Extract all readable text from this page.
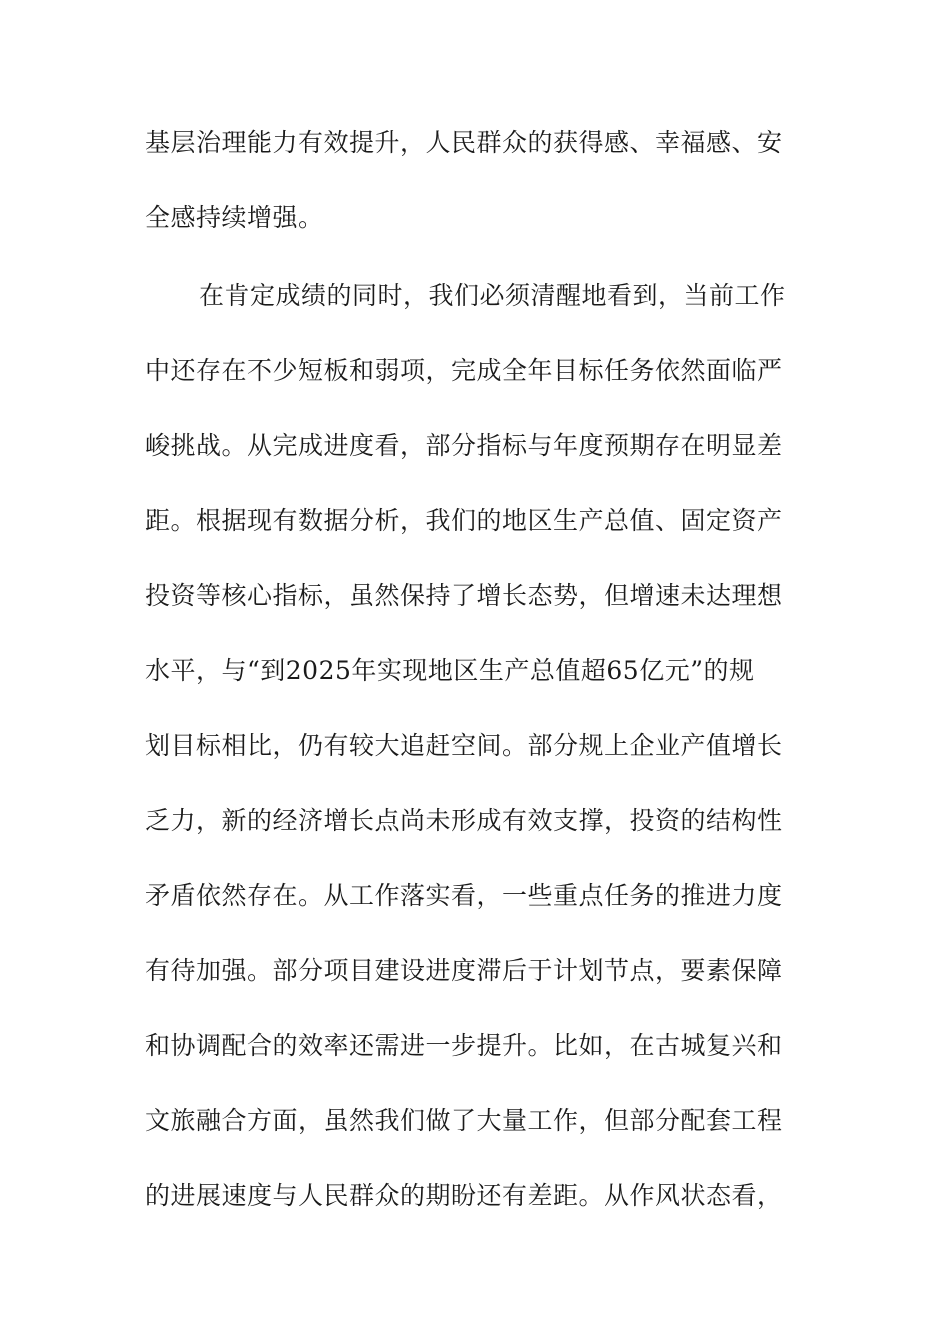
基层治理能力有效提升，人民群众的获得感、幸福感、安
全感持续增强。
在肯定成绩的同时，我们必须清醒地看到，当前工作
中还存在不少短板和弱项，完成全年目标任务依然面临严
峻挑战。从完成进度看，部分指标与年度预期存在明显差
距。根据现有数据分析，我们的地区生产总值、固定资产
投资等核心指标，虽然保持了增长态势，但增速未达理想
水平，与“到2025年实现地区生产总值超65亿元”的规
划目标相比，仍有较大追赶空间。部分规上企业产值增长
乏力，新的经济增长点尚未形成有效支撑，投资的结构性
矛盾依然存在。从工作落实看，一些重点任务的推进力度
有待加强。部分项目建设进度滞后于计划节点，要素保障
和协调配合的效率还需进一步提升。比如，在古城复兴和
文旅融合方面，虽然我们做了大量工作，但部分配套工程
的进展速度与人民群众的期盼还有差距。从作风状态看，
